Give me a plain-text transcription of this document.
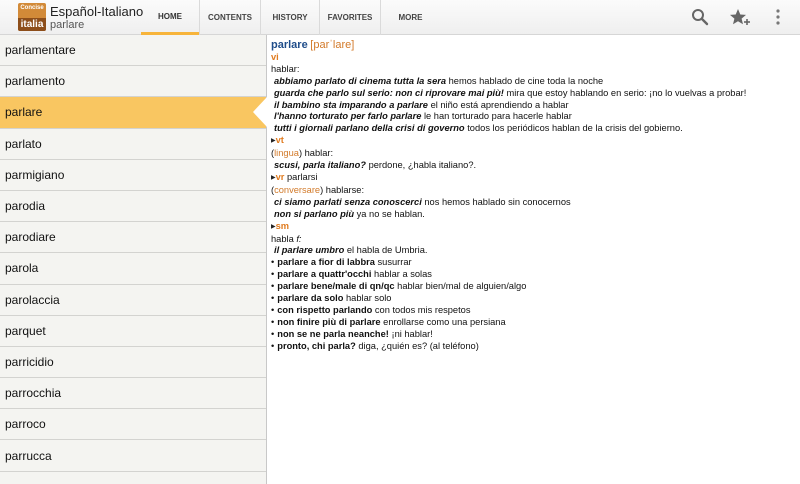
Concise
italia
Español-Italiano
parlare
HOME	CONTENTS	HISTORY	FAVORITES	MORE
parlamentare
parlamento
parlare
parlato
parmigiano
parodia
parodiare
parola
parolaccia
parquet
parricidio
parrocchia
parroco
parrucca
parlare [parˈlare]
vi
hablar:
abbiamo parlato di cinema tutta la sera hemos hablado de cine toda la noche
guarda che parlo sul serio: non ci riprovare mai più! mira que estoy hablando en serio: ¡no lo vuelvas a probar!
il bambino sta imparando a parlare el niño está aprendiendo a hablar
l'hanno torturato per farlo parlare le han torturado para hacerle hablar
tutti i giornali parlano della crisi di governo todos los periódicos hablan de la crisis del gobierno.
▶vt
(lingua) hablar:
scusi, parla italiano? perdone, ¿habla italiano?.
▶vr parlarsi
(conversare) hablarse:
ci siamo parlati senza conoscerci nos hemos hablado sin conocernos
non si parlano più ya no se hablan.
▶sm
habla f:
il parlare umbro el habla de Umbria.
• parlare a fior di labbra susurrar
• parlare a quattr'occhi hablar a solas
• parlare bene/male di qn/qc hablar bien/mal de alguien/algo
• parlare da solo hablar solo
• con rispetto parlando con todos mis respetos
• non finire più di parlare enrollarse como una persiana
• non se ne parla neanche! ¡ni hablar!
• pronto, chi parla? diga, ¿quién es? (al teléfono)
